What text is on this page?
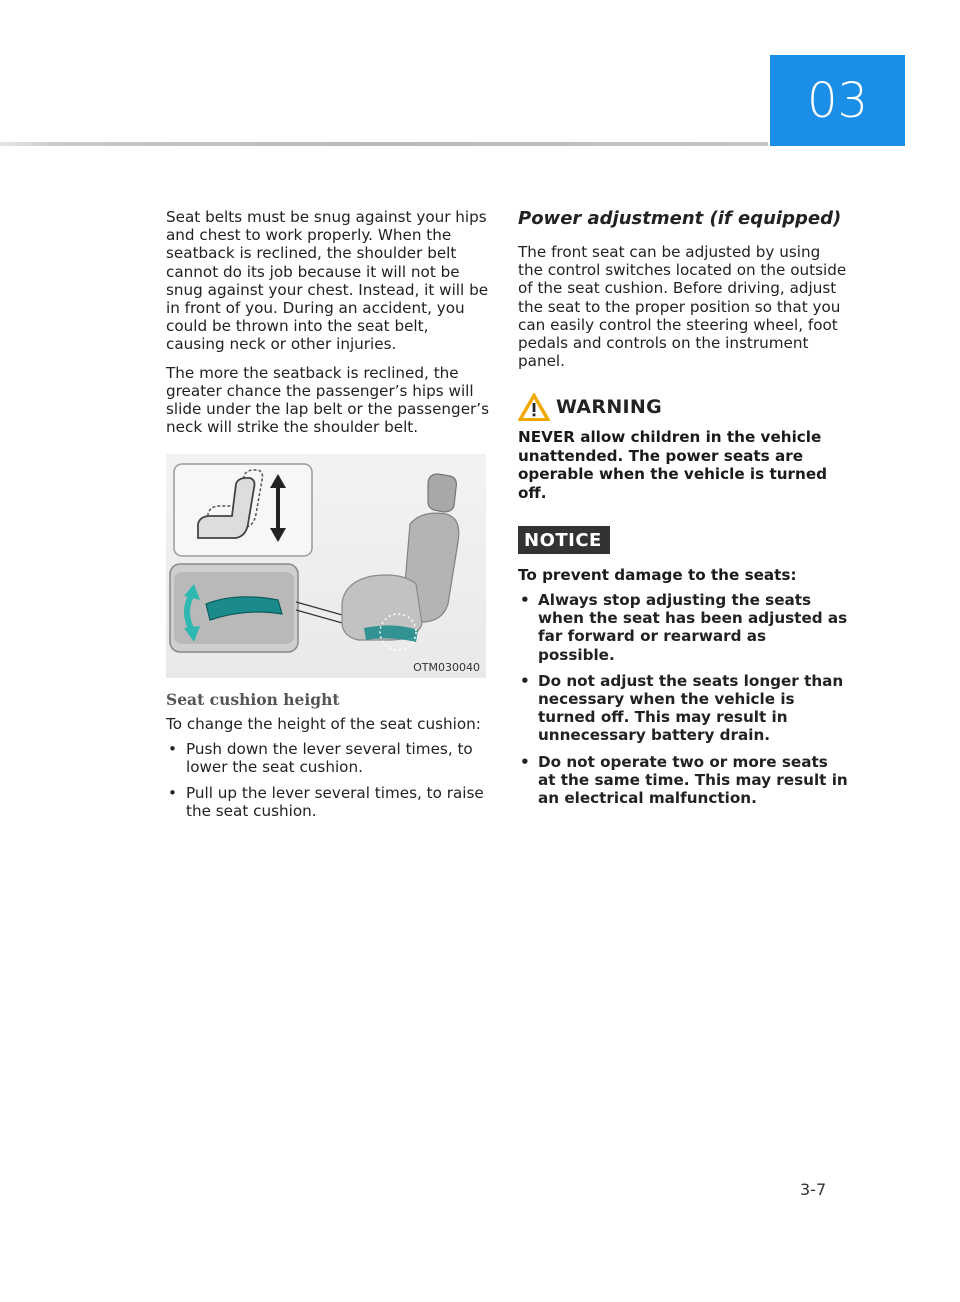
03

Seat belts must be snug against your hips and chest to work properly. When the seatback is reclined, the shoulder belt cannot do its job because it will not be snug against your chest. Instead, it will be in front of you. During an accident, you could be thrown into the seat belt, causing neck or other injuries.

The more the seatback is reclined, the greater chance the passenger’s hips will slide under the lap belt or the passenger’s neck will strike the shoulder belt.

OTM030040
Seat cushion height

To change the height of the seat cushion:

• Push down the lever several times, to lower the seat cushion.
• Pull up the lever several times, to raise the seat cushion.
Power adjustment (if equipped)

The front seat can be adjusted by using the control switches located on the outside of the seat cushion. Before driving, adjust the seat to the proper position so that you can easily control the steering wheel, foot pedals and controls on the instrument panel.

WARNING

NEVER allow children in the vehicle unattended. The power seats are operable when the vehicle is turned off.

NOTICE

To prevent damage to the seats:

• Always stop adjusting the seats when the seat has been adjusted as far forward or rearward as possible.
• Do not adjust the seats longer than necessary when the vehicle is turned off. This may result in unnecessary battery drain.
• Do not operate two or more seats at the same time. This may result in an electrical malfunction.
3-7
